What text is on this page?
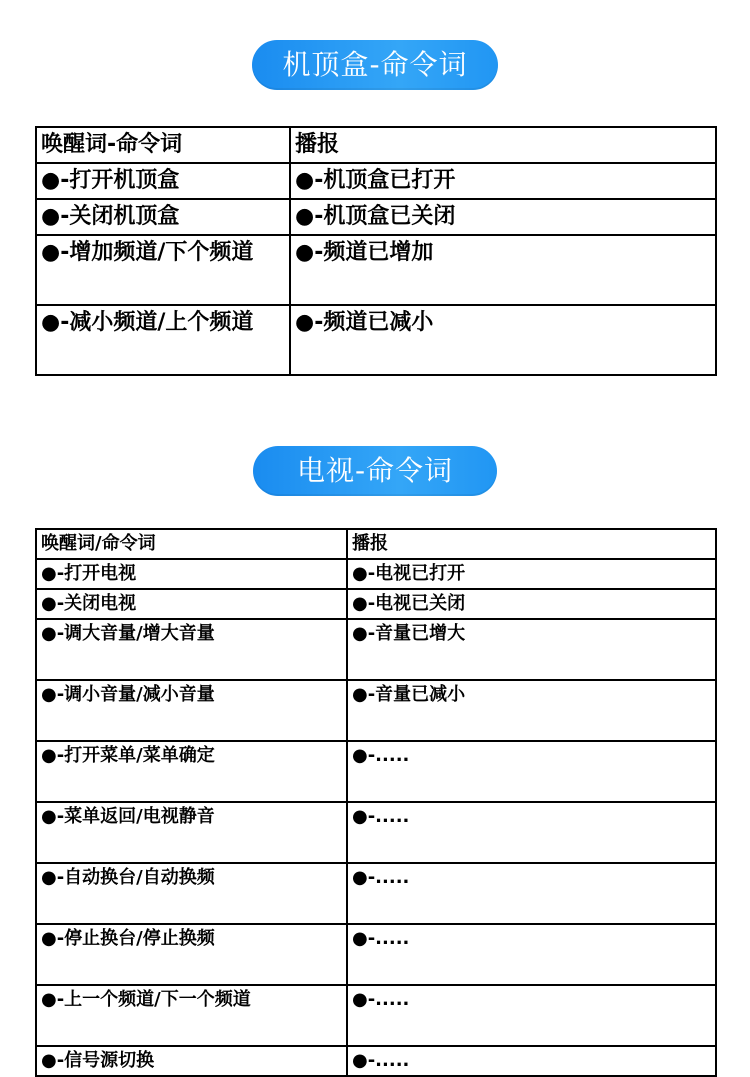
机顶盒-命令词
唤醒词-命令词	播报
●-打开机顶盒	●-机顶盒已打开
●-关闭机顶盒	●-机顶盒已关闭
●-增加频道/下个频道	●-频道已增加
●-减小频道/上个频道	●-频道已减小
电视-命令词
唤醒词/命令词	播报
●-打开电视	●-电视已打开
●-关闭电视	●-电视已关闭
●-调大音量/增大音量	●-音量已增大
●-调小音量/减小音量	●-音量已减小
●-打开菜单/菜单确定	●-.....
●-菜单返回/电视静音	●-.....
●-自动换台/自动换频	●-.....
●-停止换台/停止换频	●-.....
●-上一个频道/下一个频道	●-.....
●-信号源切换	●-.....
